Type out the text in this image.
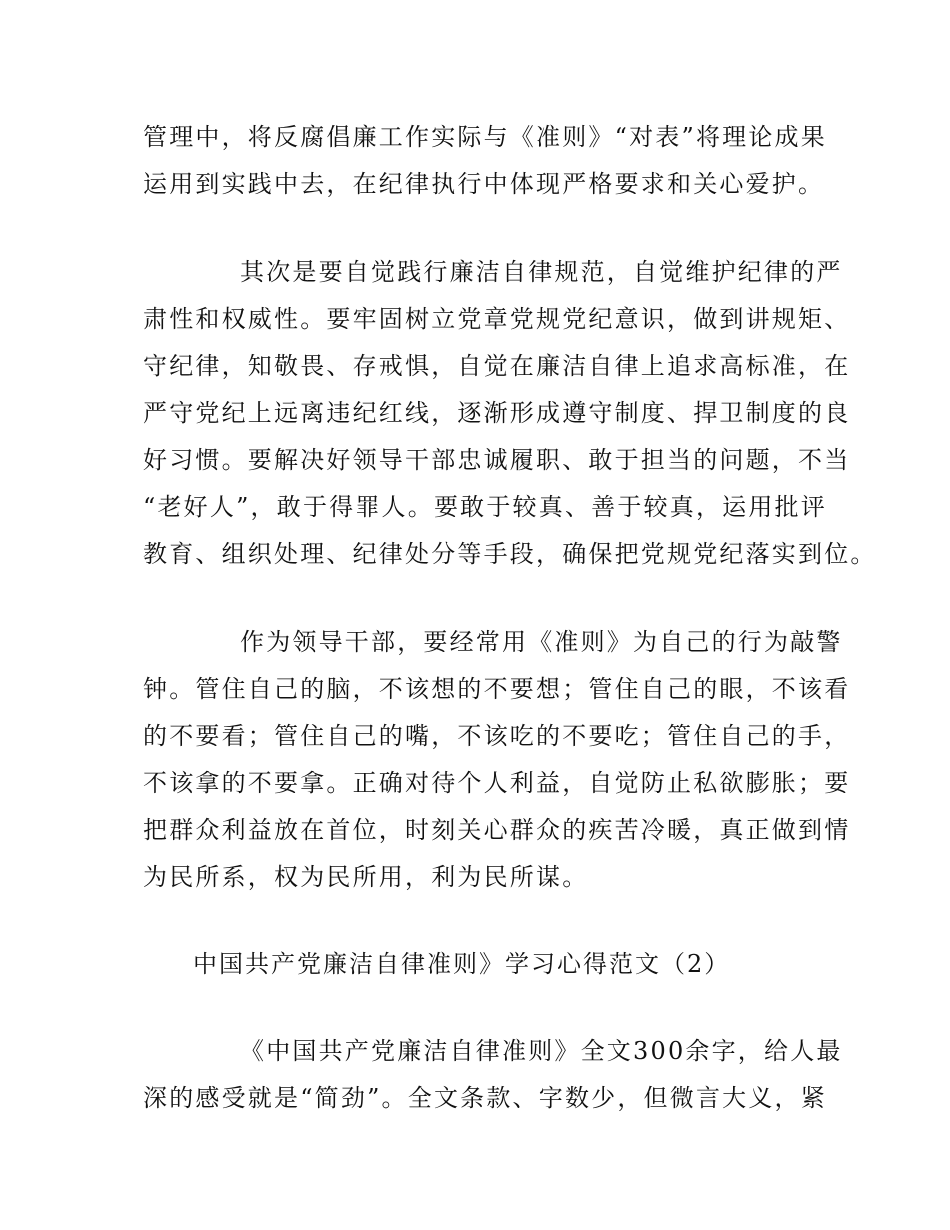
管理中，将反腐倡廉工作实际与《准则》“对表”将理论成果
运用到实践中去，在纪律执行中体现严格要求和关心爱护。
其次是要自觉践行廉洁自律规范，自觉维护纪律的严
肃性和权威性。要牢固树立党章党规党纪意识，做到讲规矩、
守纪律，知敬畏、存戒惧，自觉在廉洁自律上追求高标准，在
严守党纪上远离违纪红线，逐渐形成遵守制度、捍卫制度的良
好习惯。要解决好领导干部忠诚履职、敢于担当的问题，不当
“老好人”，敢于得罪人。要敢于较真、善于较真，运用批评
教育、组织处理、纪律处分等手段，确保把党规党纪落实到位。
作为领导干部，要经常用《准则》为自己的行为敲警
钟。管住自己的脑，不该想的不要想；管住自己的眼，不该看
的不要看；管住自己的嘴，不该吃的不要吃；管住自己的手，
不该拿的不要拿。正确对待个人利益，自觉防止私欲膨胀；要
把群众利益放在首位，时刻关心群众的疾苦冷暖，真正做到情
为民所系，权为民所用，利为民所谋。
中国共产党廉洁自律准则》学习心得范文（2）
《中国共产党廉洁自律准则》全文300余字，给人最
深的感受就是“简劲”。全文条款、字数少，但微言大义，紧
